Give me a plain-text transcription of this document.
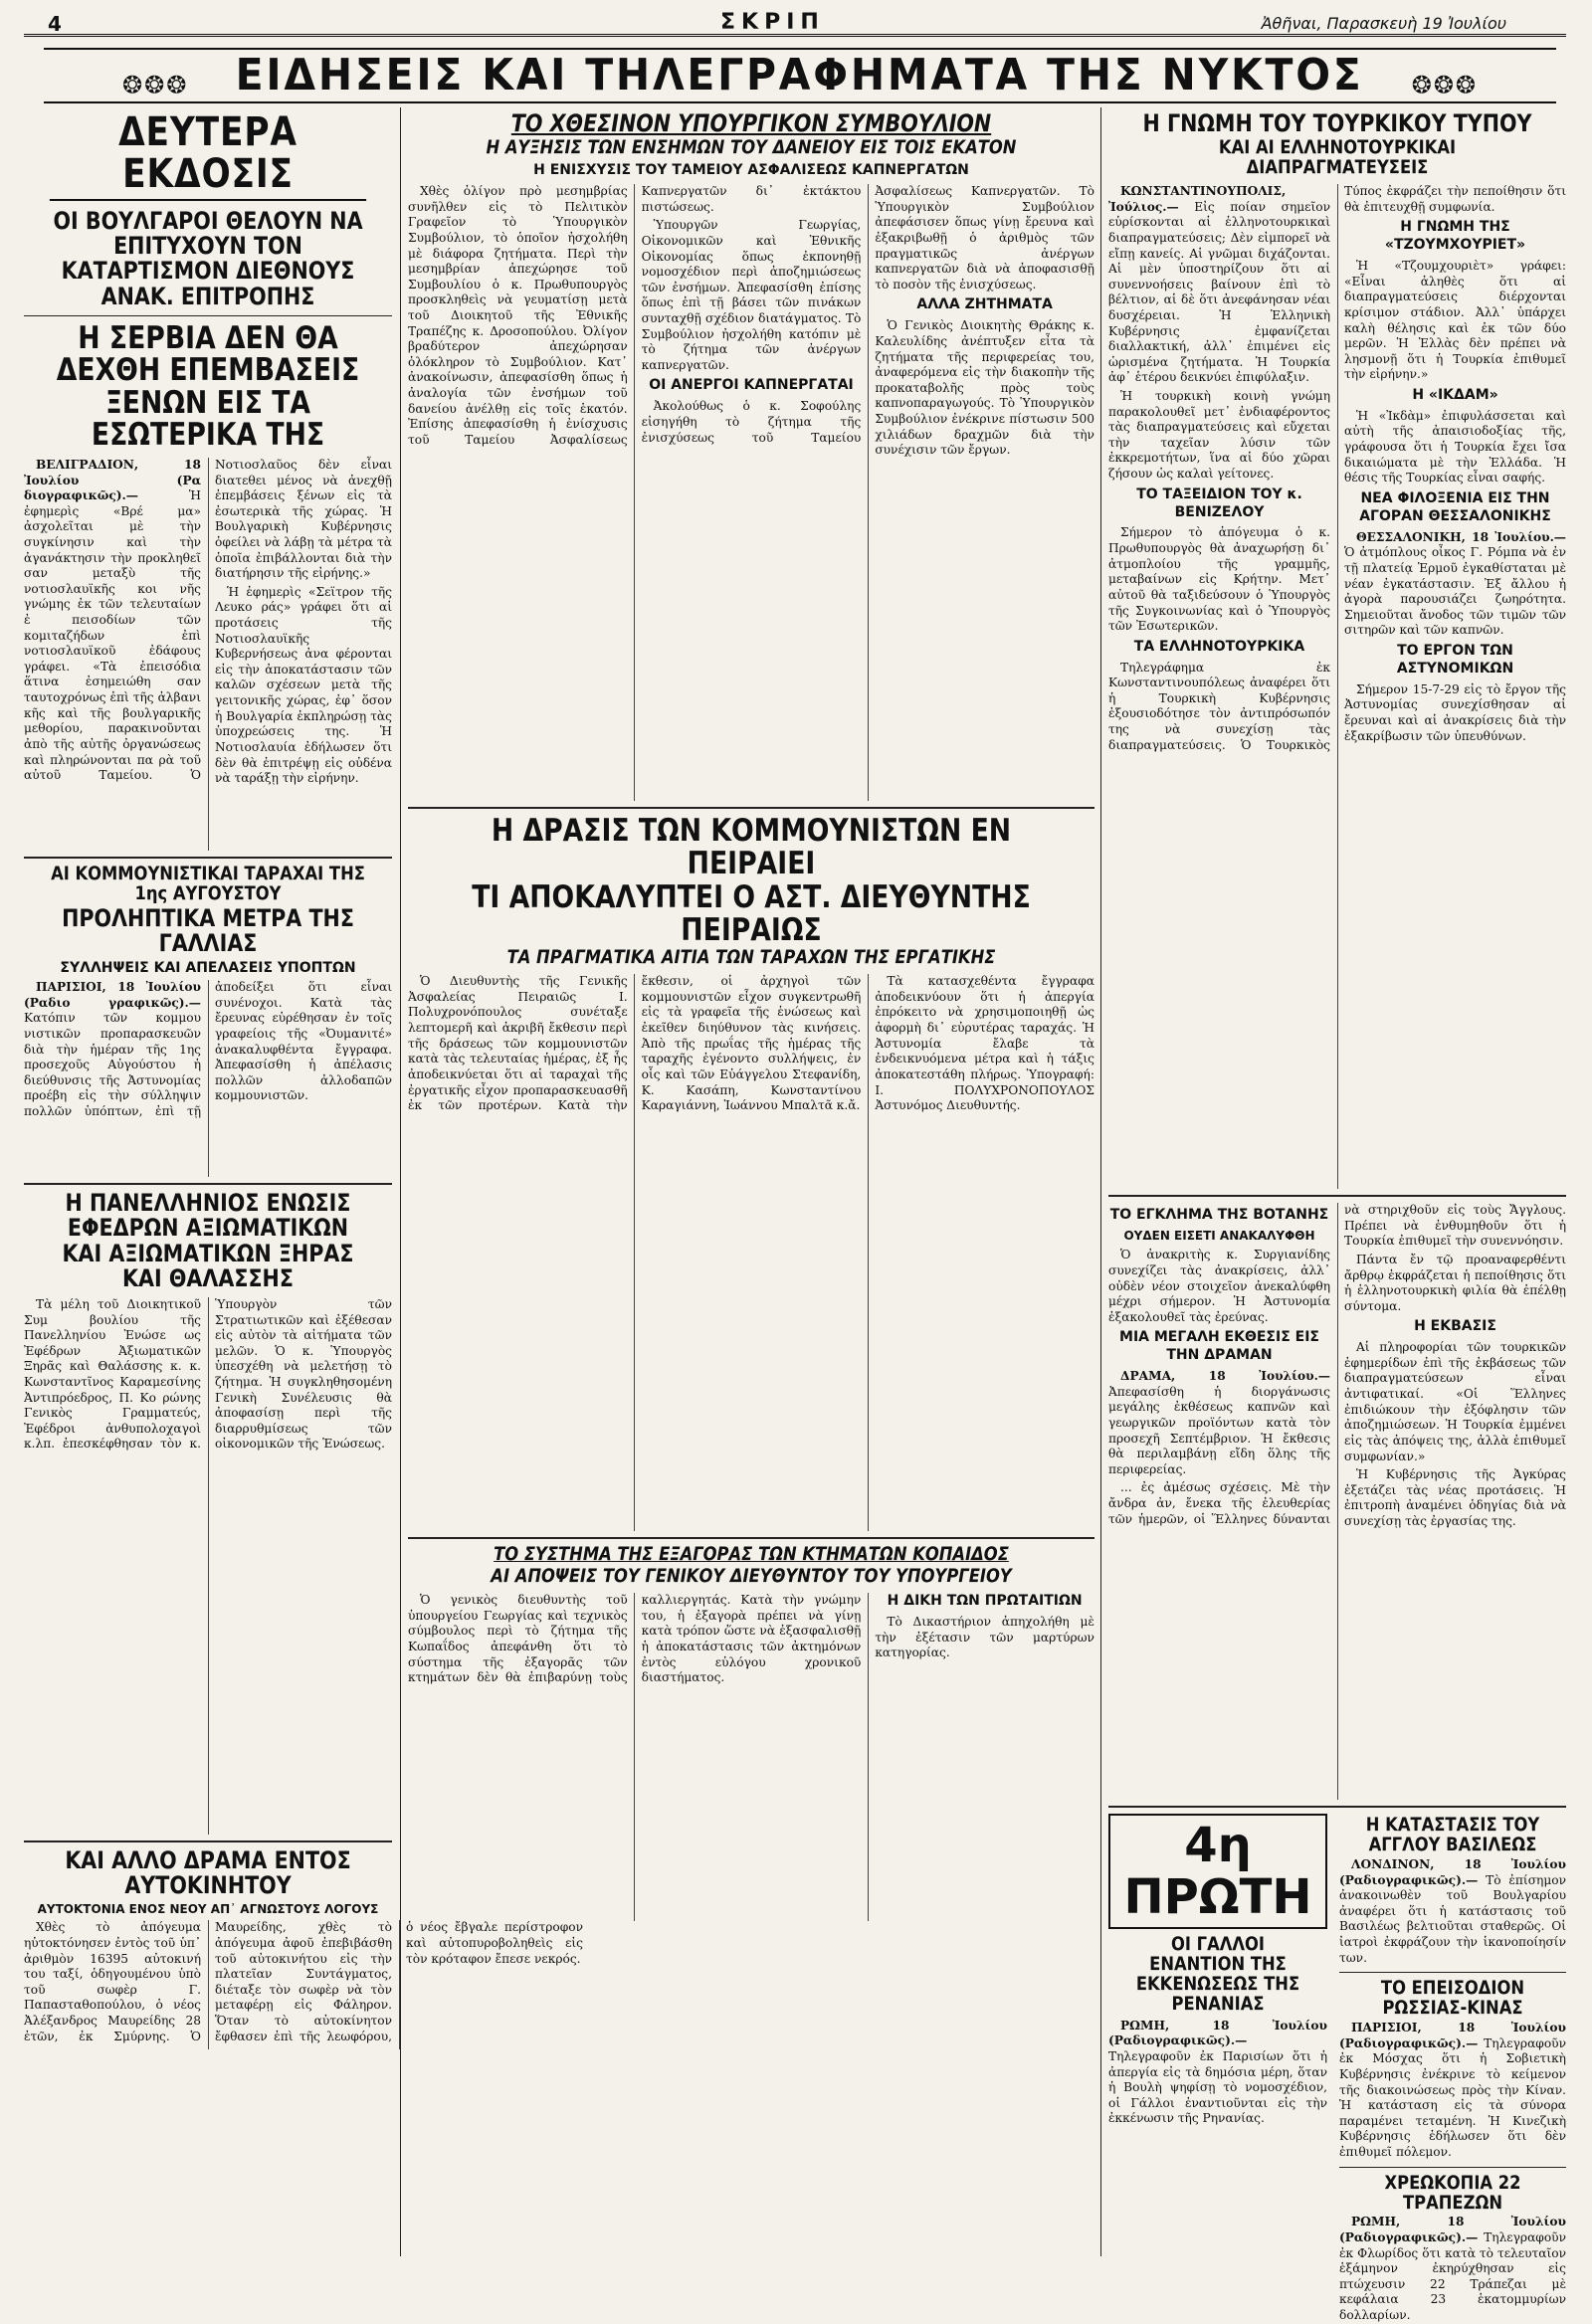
4	ΣΚΡΙΠ	Ἀθῆναι, Παρασκευὴ 19 Ἰουλίου
❂❂❂ ΕΙΔΗΣΕΙΣ ΚΑΙ ΤΗΛΕΓΡΑΦΗΜΑΤΑ ΤΗΣ ΝΥΚΤΟΣ ❂❂❂
ΔΕΥΤΕΡΑ ΕΚΔΟΣΙΣ
ΟΙ ΒΟΥΛΓΑΡΟΙ ΘΕΛΟΥΝ ΝΑ ΕΠΙΤΥΧΟΥΝ ΤΟΝ ΚΑΤΑΡΤΙΣΜΟΝ ΔΙΕΘΝΟΥΣ ΑΝΑΚ. ΕΠΙΤΡΟΠΗΣ
Η ΣΕΡΒΙΑ ΔΕΝ ΘΑ ΔΕΧΘΗ ΕΠΕΜΒΑΣΕΙΣ ΞΕΝΩΝ ΕΙΣ ΤΑ ΕΣΩΤΕΡΙΚΑ ΤΗΣ

ΒΕΛΙΓΡΑΔΙΟΝ, 18 Ἰουλίου (Ρα διογραφικῶς).—	Ἡ ἐφημερὶς «Βρέ μα» ἀσχολεῖται μὲ τὴν συγκίνησιν καὶ τὴν ἀγανάκτησιν τὴν προκληθεῖ σαν μεταξὺ τῆς νοτιοσλαυϊκῆς κοι νῆς γνώμης ἐκ τῶν τελευταίων ἐ πεισοδίων τῶν κομιταζήδων ἐπὶ νοτιοσλαυϊκοῦ ἐδάφους γράφει. «Τὰ ἐπεισόδια ἅτινα ἐσημειώθη σαν ταυτοχρόνως ἐπὶ τῆς ἀλβανι κῆς καὶ τῆς βουλγαρικῆς μεθορίου, παρακινοῦνται ἀπὸ τῆς αὐτῆς ὀργανώσεως καὶ πληρώνονται πα ρὰ τοῦ αὐτοῦ Ταμείου. Ὁ Νοτιοσλαῦος δὲν εἶναι διατεθει μένος νὰ ἀνεχθῇ ἐπεμβάσεις ξένων εἰς τὰ ἐσωτερικὰ τῆς χώρας. Ἡ Βουλγαρικὴ Κυβέρνησις ὀφείλει νὰ λάβῃ τὰ μέτρα τὰ ὁποῖα ἐπιβάλλονται διὰ τὴν διατήρησιν τῆς εἰρήνης.»

Ἡ ἐφημερὶς «Σεϊτρον τῆς Λευκο ράς» γράφει ὅτι αἱ προτάσεις τῆς Νοτιοσλαυϊκῆς Κυβερνήσεως ἀνα φέρονται εἰς τὴν ἀποκατάστασιν τῶν καλῶν σχέσεων μετὰ τῆς γειτονικῆς χώρας, ἐφ᾽ ὅσον ἡ Βουλγαρία ἐκπληρώσῃ τὰς ὑποχρεώσεις της. Ἡ Νοτιοσλαυία ἐδήλωσεν ὅτι δὲν θὰ ἐπιτρέψῃ εἰς οὐδένα νὰ ταράξῃ τὴν εἰρήνην.

ΑΙ ΚΟΜΜΟΥΝΙΣΤΙΚΑΙ ΤΑΡΑΧΑΙ ΤΗΣ 1ης ΑΥΓΟΥΣΤΟΥ
ΠΡΟΛΗΠΤΙΚΑ ΜΕΤΡΑ ΤΗΣ ΓΑΛΛΙΑΣ
ΣΥΛΛΗΨΕΙΣ ΚΑΙ ΑΠΕΛΑΣΕΙΣ ΥΠΟΠΤΩΝ

ΠΑΡΙΣΙΟΙ, 18 Ἰουλίου (Ραδιο γραφικῶς).— Κατόπιν τῶν κομμου νιστικῶν προπαρασκευῶν διὰ τὴν ἡμέραν τῆς 1ης προσεχοῦς Αὐγούστου ἡ διεύθυνσις τῆς Ἀστυνομίας προέβη εἰς τὴν σύλληψιν πολλῶν ὑπόπτων, ἐπὶ τῇ ἀποδείξει ὅτι εἶναι συνένοχοι. Κατὰ τὰς ἔρευνας εὑρέθησαν ἐν τοῖς γραφείοις τῆς «Ὀυμανιτέ» ἀνακαλυφθέντα ἔγγραφα. Ἀπεφασίσθη ἡ ἀπέλασις πολλῶν ἀλλοδαπῶν κομμουνιστῶν.

Η ΠΑΝΕΛΛΗΝΙΟΣ ΕΝΩΣΙΣ ΕΦΕΔΡΩΝ ΑΞΙΩΜΑΤΙΚΩΝ ΚΑΙ ΑΞΙΩΜΑΤΙΚΩΝ ΞΗΡΑΣ ΚΑΙ ΘΑΛΑΣΣΗΣ

Τὰ μέλη τοῦ Διοικητικοῦ Συμ βουλίου τῆς Πανελληνίου Ἑνώσε ως Ἐφέδρων Ἀξιωματικῶν Ξηρᾶς καὶ Θαλάσσης κ. κ. Κωνσταντῖνος Καραμεσίνης Ἀντιπρόεδρος, Π. Κο ρώνης Γενικὸς Γραμματεύς, Ἐφέδροι ἀνθυπολοχαγοὶ κ.λπ. ἐπεσκέφθησαν τὸν κ. Ὑπουργὸν τῶν Στρατιωτικῶν καὶ ἐξέθεσαν εἰς αὐτὸν τὰ αἰτήματα τῶν μελῶν. Ὁ κ. Ὑπουργὸς ὑπεσχέθη νὰ μελετήσῃ τὸ ζήτημα. Ἡ συγκληθησομένη Γενικὴ Συνέλευσις θὰ ἀποφασίσῃ περὶ τῆς διαρρυθμίσεως τῶν οἰκονομικῶν τῆς Ἑνώσεως.

ΚΑΙ ΑΛΛΟ ΔΡΑΜΑ ΕΝΤΟΣ ΑΥΤΟΚΙΝΗΤΟΥ
ΑΥΤΟΚΤΟΝΙΑ ΕΝΟΣ ΝΕΟΥ ΑΠ᾽ ΑΓΝΩΣΤΟΥΣ ΛΟΓΟΥΣ

Χθὲς τὸ ἀπόγευμα ηὐτοκτόνησεν ἐντὸς τοῦ ὑπ᾽ ἀριθμὸν 16395 αὐτοκινή του ταξί, ὁδηγουμένου ὑπὸ τοῦ σωφὲρ Γ. Παπασταθοπούλου, ὁ νέος Ἀλέξανδρος Μαυρείδης 28 ἐτῶν, ἐκ Σμύρνης. Ὁ Μαυρείδης, χθὲς τὸ ἀπόγευμα ἀφοῦ ἐπεβιβάσθη τοῦ αὐτοκινήτου εἰς τὴν πλατεῖαν Συντάγματος, διέταξε τὸν σωφὲρ νὰ τὸν μεταφέρῃ εἰς Φάληρον. Ὅταν τὸ αὐτοκίνητον ἔφθασεν ἐπὶ τῆς λεωφόρου, ὁ νέος ἔβγαλε περίστροφον καὶ αὐτοπυροβοληθεὶς εἰς τὸν κρόταφον ἔπεσε νεκρός.

ΤΟ ΧΘΕΣΙΝΟΝ ΥΠΟΥΡΓΙΚΟΝ ΣΥΜΒΟΥΛΙΟΝ
Η ΑΥΞΗΣΙΣ ΤΩΝ ΕΝΣΗΜΩΝ ΤΟΥ ΔΑΝΕΙΟΥ ΕΙΣ ΤΟΙΣ ΕΚΑΤΟΝ
Η ΕΝΙΣΧΥΣΙΣ ΤΟΥ ΤΑΜΕΙΟΥ ΑΣΦΑΛΙΣΕΩΣ ΚΑΠΝΕΡΓΑΤΩΝ

Χθὲς ὀλίγον πρὸ μεσημβρίας συνῆλθεν εἰς τὸ Πελιτικὸν Γραφεῖον τὸ Ὑπουργικὸν Συμβούλιον, τὸ ὁποῖον ἠσχολήθη μὲ διάφορα ζητήματα. Περὶ τὴν μεσημβρίαν ἀπεχώρησε τοῦ Συμβουλίου ὁ κ. Πρωθυπουργὸς προσκληθεὶς νὰ γευματίσῃ μετὰ τοῦ Διοικητοῦ τῆς Ἐθνικῆς Τραπέζης κ. Δροσοπούλου. Ὀλίγον βραδύτερον ἀπεχώρησαν ὁλόκληρον τὸ Συμβούλιον. Κατ᾽ ἀνακοίνωσιν, ἀπεφασίσθη ὅπως ἡ ἀναλογία τῶν ἐνσήμων τοῦ δανείου ἀνέλθῃ εἰς τοῖς ἑκατόν. Ἐπίσης ἀπεφασίσθη ἡ ἐνίσχυσις τοῦ Ταμείου Ἀσφαλίσεως Καπνεργατῶν δι᾽ ἐκτάκτου πιστώσεως.

Ὑπουργῶν Γεωργίας, Οἰκονομικῶν καὶ Ἐθνικῆς Οἰκονομίας ὅπως ἐκπονηθῇ νομοσχέδιον περὶ ἀποζημιώσεως τῶν ἐνσήμων. Ἀπεφασίσθη ἐπίσης ὅπως ἐπὶ τῇ βάσει τῶν πινάκων συνταχθῇ σχέδιον διατάγματος. Τὸ Συμβούλιον ἠσχολήθη κατόπιν μὲ τὸ ζήτημα τῶν ἀνέργων καπνεργατῶν.

ΟΙ ΑΝΕΡΓΟΙ ΚΑΠΝΕΡΓΑΤΑΙ

Ἀκολούθως ὁ κ. Σοφούλης εἰσηγήθη τὸ ζήτημα τῆς ἐνισχύσεως τοῦ Ταμείου Ἀσφαλίσεως Καπνεργατῶν. Τὸ Ὑπουργικὸν Συμβούλιον ἀπεφάσισεν ὅπως γίνῃ ἔρευνα καὶ ἐξακριβωθῇ ὁ ἀριθμὸς τῶν πραγματικῶς ἀνέργων καπνεργατῶν διὰ νὰ ἀποφασισθῇ τὸ ποσὸν τῆς ἐνισχύσεως.

ΑΛΛΑ ΖΗΤΗΜΑΤΑ

Ὁ Γενικὸς Διοικητὴς Θράκης κ. Καλευλίδης ἀνέπτυξεν εἶτα τὰ ζητήματα τῆς περιφερείας του, ἀναφερόμενα εἰς τὴν διακοπὴν τῆς προκαταβολῆς πρὸς τοὺς καπνοπαραγωγούς. Τὸ Ὑπουργικὸν Συμβούλιον ἐνέκρινε πίστωσιν 500 χιλιάδων δραχμῶν διὰ τὴν συνέχισιν τῶν ἔργων.

Η ΔΡΑΣΙΣ ΤΩΝ ΚΟΜΜΟΥΝΙΣΤΩΝ ΕΝ ΠΕΙΡΑΙΕΙ
ΤΙ ΑΠΟΚΑΛΥΠΤΕΙ Ο ΑΣΤ. ΔΙΕΥΘΥΝΤΗΣ ΠΕΙΡΑΙΩΣ
ΤΑ ΠΡΑΓΜΑΤΙΚΑ ΑΙΤΙΑ ΤΩΝ ΤΑΡΑΧΩΝ ΤΗΣ ΕΡΓΑΤΙΚΗΣ

Ὁ Διευθυντὴς τῆς Γενικῆς Ἀσφαλείας Πειραιῶς Ι. Πολυχρονόπουλος συνέταξε λεπτομερῆ καὶ ἀκριβῆ ἔκθεσιν περὶ τῆς δράσεως τῶν κομμουνιστῶν κατὰ τὰς τελευταίας ἡμέρας, ἐξ ἧς ἀποδεικνύεται ὅτι αἱ ταραχαὶ τῆς ἐργατικῆς εἶχον προπαρασκευασθῆ ἐκ τῶν προτέρων. Κατὰ τὴν ἔκθεσιν, οἱ ἀρχηγοὶ τῶν κομμουνιστῶν εἶχον συγκεντρωθῆ εἰς τὰ γραφεῖα τῆς ἑνώσεως καὶ ἐκεῖθεν διηύθυνον τὰς κινήσεις. Ἀπὸ τῆς πρωΐας τῆς ἡμέρας τῆς ταραχῆς ἐγένοντο συλλήψεις, ἐν οἷς καὶ τῶν Εὐάγγελου Στεφανίδη, Κ. Κασάπη, Κωνσταντίνου Καραγιάννη, Ἰωάννου Μπαλτᾶ κ.ἄ.

Τὰ κατασχεθέντα ἔγγραφα ἀποδεικνύουν ὅτι ἡ ἀπεργία ἐπρόκειτο νὰ χρησιμοποιηθῇ ὡς ἀφορμὴ δι᾽ εὐρυτέρας ταραχάς. Ἡ Ἀστυνομία ἔλαβε τὰ ἐνδεικνυόμενα μέτρα καὶ ἡ τάξις ἀποκατεστάθη πλήρως. Ὑπογραφή: Ι. ΠΟΛΥΧΡΟΝΟΠΟΥΛΟΣ Ἀστυνόμος Διευθυντής.

ΤΟ ΣΥΣΤΗΜΑ ΤΗΣ ΕΞΑΓΟΡΑΣ ΤΩΝ ΚΤΗΜΑΤΩΝ ΚΟΠΑΙΔΟΣ
ΑΙ ΑΠΟΨΕΙΣ ΤΟΥ ΓΕΝΙΚΟΥ ΔΙΕΥΘΥΝΤΟΥ ΤΟΥ ΥΠΟΥΡΓΕΙΟΥ

Ὁ γενικὸς διευθυντὴς τοῦ ὑπουργείου Γεωργίας καὶ τεχνικὸς σύμβουλος περὶ τὸ ζήτημα τῆς Κωπαΐδος ἀπεφάνθη ὅτι τὸ σύστημα τῆς ἐξαγορᾶς τῶν κτημάτων δὲν θὰ ἐπιβαρύνῃ τοὺς καλλιεργητάς. Κατὰ τὴν γνώμην του, ἡ ἐξαγορὰ πρέπει νὰ γίνῃ κατὰ τρόπον ὥστε νὰ ἐξασφαλισθῇ ἡ ἀποκατάστασις τῶν ἀκτημόνων ἐντὸς εὐλόγου χρονικοῦ διαστήματος.

Η ΔΙΚΗ ΤΩΝ ΠΡΩΤΑΙΤΙΩΝ

Τὸ Δικαστήριον ἀπηχολήθη μὲ τὴν ἐξέτασιν τῶν μαρτύρων κατηγορίας.

Η ΓΝΩΜΗ ΤΟΥ ΤΟΥΡΚΙΚΟΥ ΤΥΠΟΥ
ΚΑΙ ΑΙ ΕΛΛΗΝΟΤΟΥΡΚΙΚΑΙ ΔΙΑΠΡΑΓΜΑΤΕΥΣΕΙΣ

ΚΩΝΣΤΑΝΤΙΝΟΥΠΟΛΙΣ, Ἰούλιος.— Εἰς ποίαν σημεῖον εὑρίσκονται αἱ ἑλληνοτουρκικαὶ διαπραγματεύσεις; Δὲν εἰμπορεῖ νὰ εἴπῃ κανείς. Αἱ γνῶμαι διχάζονται. Αἱ μὲν ὑποστηρίζουν ὅτι αἱ συνεννοήσεις βαίνουν ἐπὶ τὸ βέλτιον, αἱ δὲ ὅτι ἀνεφάνησαν νέαι δυσχέρειαι. Ἡ Ἑλληνικὴ Κυβέρνησις ἐμφανίζεται διαλλακτική, ἀλλ᾽ ἐπιμένει εἰς ὡρισμένα ζητήματα. Ἡ Τουρκία ἀφ᾽ ἑτέρου δεικνύει ἐπιφύλαξιν.

Ἡ τουρκικὴ κοινὴ γνώμη παρακολουθεῖ μετ᾽ ἐνδιαφέροντος τὰς διαπραγματεύσεις καὶ εὔχεται τὴν ταχεῖαν λύσιν τῶν ἐκκρεμοτήτων, ἵνα αἱ δύο χῶραι ζήσουν ὡς καλαὶ γείτονες.

ΤΟ ΤΑΞΕΙΔΙΟΝ ΤΟΥ κ. ΒΕΝΙΖΕΛΟΥ

Σήμερον τὸ ἀπόγευμα ὁ κ. Πρωθυπουργὸς θὰ ἀναχωρήσῃ δι᾽ ἀτμοπλοίου τῆς γραμμῆς, μεταβαίνων εἰς Κρήτην. Μετ᾽ αὐτοῦ θὰ ταξιδεύσουν ὁ Ὑπουργὸς τῆς Συγκοινωνίας καὶ ὁ Ὑπουργὸς τῶν Ἐσωτερικῶν.

ΤΑ ΕΛΛΗΝΟΤΟΥΡΚΙΚΑ

Τηλεγράφημα ἐκ Κωνσταντινουπόλεως ἀναφέρει ὅτι ἡ Τουρκικὴ Κυβέρνησις ἐξουσιοδότησε τὸν ἀντιπρόσωπόν της νὰ συνεχίσῃ τὰς διαπραγματεύσεις. Ὁ Τουρκικὸς Τύπος ἐκφράζει τὴν πεποίθησιν ὅτι θὰ ἐπιτευχθῇ συμφωνία.

Η ΓΝΩΜΗ ΤΗΣ «ΤΖΟΥΜΧΟΥΡΙΕΤ»

Ἡ «Τζουμχουριὲτ» γράφει: «Εἶναι ἀληθὲς ὅτι αἱ διαπραγματεύσεις διέρχονται κρίσιμον στάδιον. Ἀλλ᾽ ὑπάρχει καλὴ θέλησις καὶ ἐκ τῶν δύο μερῶν. Ἡ Ἑλλὰς δὲν πρέπει νὰ λησμονῇ ὅτι ἡ Τουρκία ἐπιθυμεῖ τὴν εἰρήνην.»

Η «ΙΚΔΑΜ»

Ἡ «Ἰκδὰμ» ἐπιφυλάσσεται καὶ αὐτὴ τῆς ἀπαισιοδοξίας τῆς, γράφουσα ὅτι ἡ Τουρκία ἔχει ἴσα δικαιώματα μὲ τὴν Ἑλλάδα. Ἡ θέσις τῆς Τουρκίας εἶναι σαφής.

ΝΕΑ ΦΙΛΟΞΕΝΙΑ ΕΙΣ ΤΗΝ ΑΓΟΡΑΝ ΘΕΣΣΑΛΟΝΙΚΗΣ

ΘΕΣΣΑΛΟΝΙΚΗ, 18 Ἰουλίου.— Ὁ ἀτμόπλους οἶκος Γ. Ρόμπα νὰ ἐν τῇ πλατείᾳ Ἑρμοῦ ἐγκαθίσταται μὲ νέαν ἐγκατάστασιν. Ἐξ ἄλλου ἡ ἀγορὰ παρουσιάζει ζωηρότητα. Σημειοῦται ἄνοδος τῶν τιμῶν τῶν σιτηρῶν καὶ τῶν καπνῶν.

ΤΟ ΕΡΓΟΝ ΤΩΝ ΑΣΤΥΝΟΜΙΚΩΝ

Σήμερον 15-7-29 εἰς τὸ ἔργον τῆς Ἀστυνομίας συνεχίσθησαν αἱ ἔρευναι καὶ αἱ ἀνακρίσεις διὰ τὴν ἐξακρίβωσιν τῶν ὑπευθύνων.

ΤΟ ΕΓΚΛΗΜΑ ΤΗΣ ΒΟΤΑΝΗΣ
ΟΥΔΕΝ ΕΙΣΕΤΙ ΑΝΑΚΑΛΥΦΘΗ

Ὁ ἀνακριτὴς κ. Συργιανίδης συνεχίζει τὰς ἀνακρίσεις, ἀλλ᾽ οὐδὲν νέον στοιχεῖον ἀνεκαλύφθη μέχρι σήμερον. Ἡ Ἀστυνομία ἐξακολουθεῖ τὰς ἐρεύνας.

ΜΙΑ ΜΕΓΑΛΗ ΕΚΘΕΣΙΣ ΕΙΣ ΤΗΝ ΔΡΑΜΑΝ

ΔΡΑΜΑ, 18 Ἰουλίου.— Ἀπεφασίσθη ἡ διοργάνωσις μεγάλης ἐκθέσεως καπνῶν καὶ γεωργικῶν προϊόντων κατὰ τὸν προσεχῆ Σεπτέμβριον. Ἡ ἔκθεσις θὰ περιλαμβάνῃ εἴδη ὅλης τῆς περιφερείας.

... ἐς ἀμέσως σχέσεις. Μὲ τὴν ἄνδρα ἀν, ἔνεκα τῆς ἐλευθερίας τῶν ἡμερῶν, οἱ Ἕλληνες δύνανται νὰ στηριχθοῦν εἰς τοὺς Ἄγγλους. Πρέπει νὰ ἐνθυμηθοῦν ὅτι ἡ Τουρκία ἐπιθυμεῖ τὴν συνεννόησιν.

Πάντα ἔν τῷ προαναφερθέντι ἄρθρῳ ἐκφράζεται ἡ πεποίθησις ὅτι ἡ ἑλληνοτουρκικὴ φιλία θὰ ἐπέλθῃ σύντομα.

Η ΕΚΒΑΣΙΣ

Αἱ πληροφορίαι τῶν τουρκικῶν ἐφημερίδων ἐπὶ τῆς ἐκβάσεως τῶν διαπραγματεύσεων εἶναι ἀντιφατικαί. «Οἱ Ἕλληνες ἐπιδιώκουν τὴν ἐξόφλησιν τῶν ἀποζημιώσεων. Ἡ Τουρκία ἐμμένει εἰς τὰς ἀπόψεις της, ἀλλὰ ἐπιθυμεῖ συμφωνίαν.»

Ἡ Κυβέρνησις τῆς Ἀγκύρας ἐξετάζει τὰς νέας προτάσεις. Ἡ ἐπιτροπὴ ἀναμένει ὁδηγίας διὰ νὰ συνεχίσῃ τὰς ἐργασίας της.

4η ΠΡΩΤΗ
ΟΙ ΓΑΛΛΟΙ ΕΝΑΝΤΙΟΝ ΤΗΣ ΕΚΚΕΝΩΣΕΩΣ ΤΗΣ ΡΕΝΑΝΙΑΣ

ΡΩΜΗ, 18 Ἰουλίου (Ραδιογραφικῶς).— Τηλεγραφοῦν ἐκ Παρισίων ὅτι ἡ ἀπεργία εἰς τὰ δημόσια μέρη, ὅταν ἡ Βουλὴ ψηφίσῃ τὸ νομοσχέδιον, οἱ Γάλλοι ἐναντιοῦνται εἰς τὴν ἐκκένωσιν τῆς Ρηνανίας.

Η ΚΑΤΑΣΤΑΣΙΣ ΤΟΥ ΑΓΓΛΟΥ ΒΑΣΙΛΕΩΣ

ΛΟΝΔΙΝΟΝ, 18 Ἰουλίου (Ραδιογραφικῶς).— Τὸ ἐπίσημον ἀνακοινωθὲν τοῦ Βουλγαρίου ἀναφέρει ὅτι ἡ κατάστασις τοῦ Βασιλέως βελτιοῦται σταθερῶς. Οἱ ἰατροὶ ἐκφράζουν τὴν ἱκανοποίησίν των.

ΤΟ ΕΠΕΙΣΟΔΙΟΝ ΡΩΣΣΙΑΣ-ΚΙΝΑΣ

ΠΑΡΙΣΙΟΙ, 18 Ἰουλίου (Ραδιογραφικῶς).— Τηλεγραφοῦν ἐκ Μόσχας ὅτι ἡ Σοβιετικὴ Κυβέρνησις ἐνέκρινε τὸ κείμενον τῆς διακοινώσεως πρὸς τὴν Κίναν. Ἡ κατάσταση εἰς τὰ σύνορα παραμένει τεταμένη. Ἡ Κινεζικὴ Κυβέρνησις ἐδήλωσεν ὅτι δὲν ἐπιθυμεῖ πόλεμον.

ΧΡΕΩΚΟΠΙΑ 22 ΤΡΑΠΕΖΩΝ

ΡΩΜΗ, 18 Ἰουλίου (Ραδιογραφικῶς).— Τηλεγραφοῦν ἐκ Φλωρίδος ὅτι κατὰ τὸ τελευταῖον ἑξάμηνον ἐκηρύχθησαν εἰς πτώχευσιν 22 Τράπεζαι μὲ κεφάλαια 23 ἑκατομμυρίων δολλαρίων.
